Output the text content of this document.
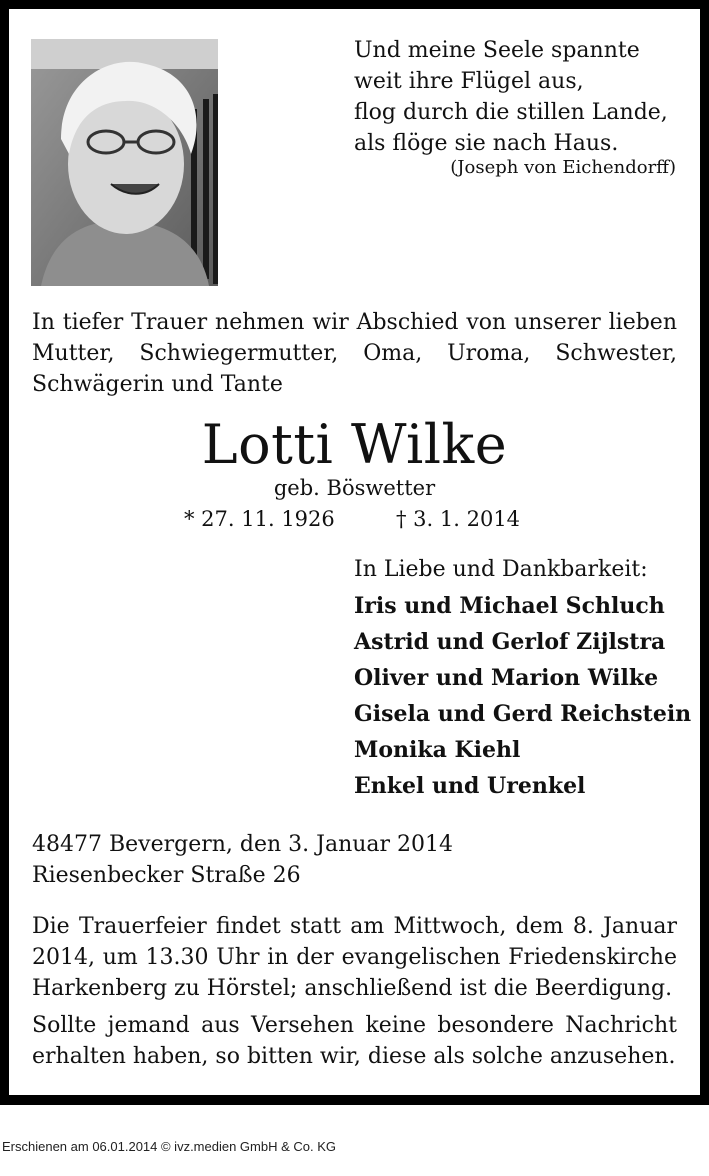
Und meine Seele spannte
weit ihre Flügel aus,
flog durch die stillen Lande,
als flöge sie nach Haus.
(Joseph von Eichendorff)
In tiefer Trauer nehmen wir Abschied von unserer lieben
Mutter, Schwiegermutter, Oma, Uroma, Schwester,
Schwägerin und Tante
Lotti Wilke
geb. Böswetter
* 27. 11. 1926	† 3. 1. 2014
In Liebe und Dankbarkeit:
Iris und Michael Schluch
Astrid und Gerlof Zijlstra
Oliver und Marion Wilke
Gisela und Gerd Reichstein
Monika Kiehl
Enkel und Urenkel
48477 Bevergern, den 3. Januar 2014
Riesenbecker Straße 26

Die Trauerfeier findet statt am Mittwoch, dem 8. Januar
2014, um 13.30 Uhr in der evangelischen Friedenskirche
Harkenberg zu Hörstel; anschließend ist die Beerdigung.

Sollte jemand aus Versehen keine besondere Nachricht
erhalten haben, so bitten wir, diese als solche anzusehen.

Erschienen am 06.01.2014 © ivz.medien GmbH & Co. KG
